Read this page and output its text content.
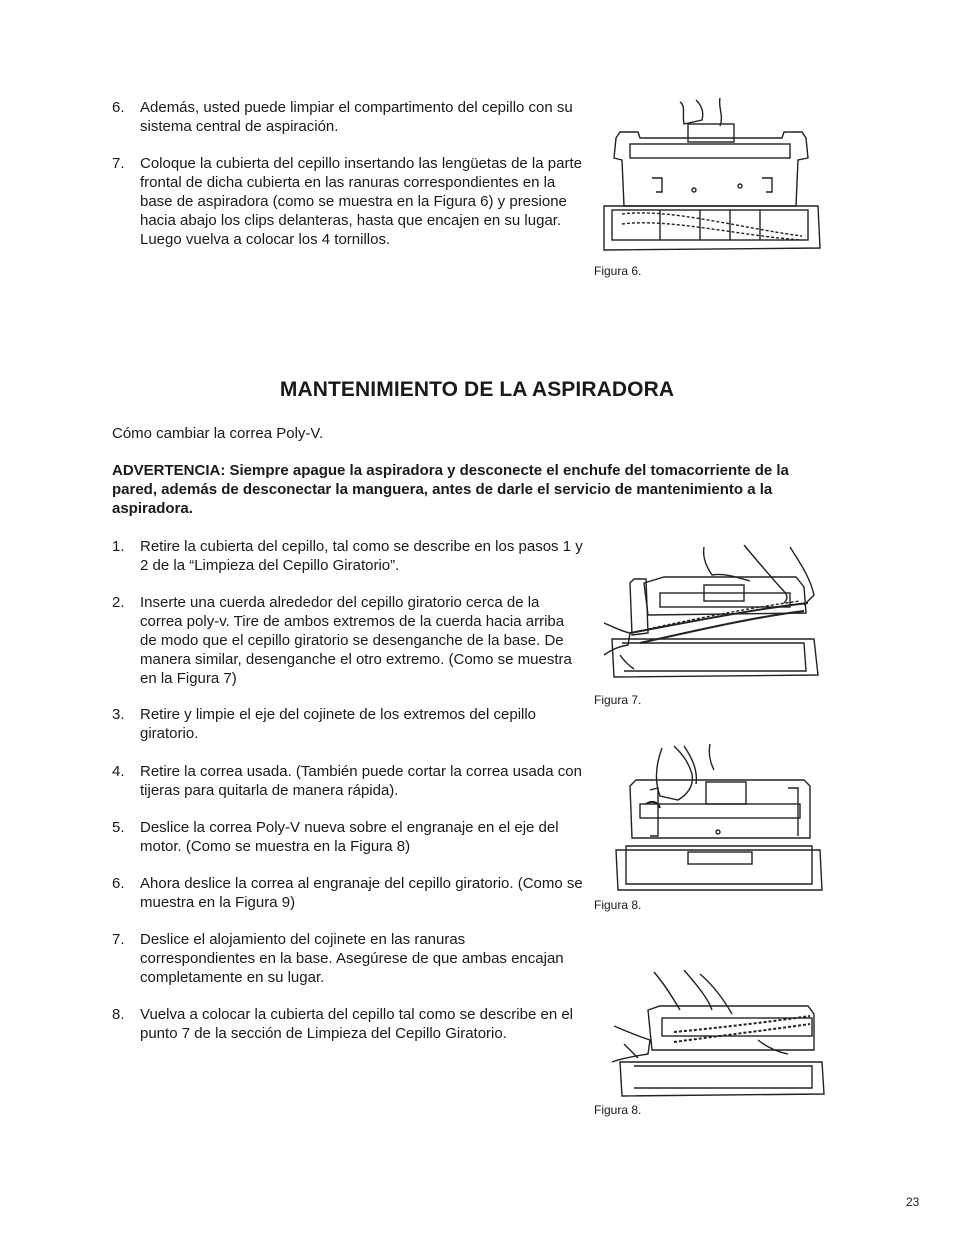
6. Además, usted puede limpiar el compartimento del cepillo con su sistema central de aspiración.
7. Coloque la cubierta del cepillo insertando las lengüetas de la parte frontal de dicha cubierta en las ranuras correspondientes en la base de aspiradora (como se muestra en la Figura 6) y presione hacia abajo los clips delanteras, hasta que encajen en su lugar. Luego vuelva a colocar los 4 tornillos.
Figura 6.
MANTENIMIENTO DE LA ASPIRADORA
Cómo cambiar la correa Poly-V.
ADVERTENCIA: Siempre apague la aspiradora y desconecte el enchufe del tomacorriente de la pared, además de desconectar la manguera, antes de darle el servicio de mantenimiento a la aspiradora.
1. Retire la cubierta del cepillo, tal como se describe en los pasos 1 y 2 de la “Limpieza del Cepillo Giratorio”.
2. Inserte una cuerda alrededor del cepillo giratorio cerca de la correa poly-v. Tire de ambos extremos de la cuerda hacia arriba de modo que el cepillo giratorio se desenganche de la base. De manera similar, desenganche el otro extremo. (Como se muestra en la Figura 7)
3. Retire y limpie el eje del cojinete de los extremos del cepillo giratorio.
4. Retire la correa usada. (También puede cortar la correa usada con tijeras para quitarla de manera rápida).
5. Deslice la correa Poly-V nueva sobre el engranaje en el eje del motor. (Como se muestra en la Figura 8)
6. Ahora deslice la correa al engranaje del cepillo giratorio. (Como se muestra en la Figura 9)
7. Deslice el alojamiento del cojinete en las ranuras correspondientes en la base. Asegúrese de que ambas encajan completamente en su lugar.
8. Vuelva a colocar la cubierta del cepillo tal como se describe en el punto 7 de la sección de Limpieza del Cepillo Giratorio.
Figura 7.
Figura 8.
Figura 8.
23
